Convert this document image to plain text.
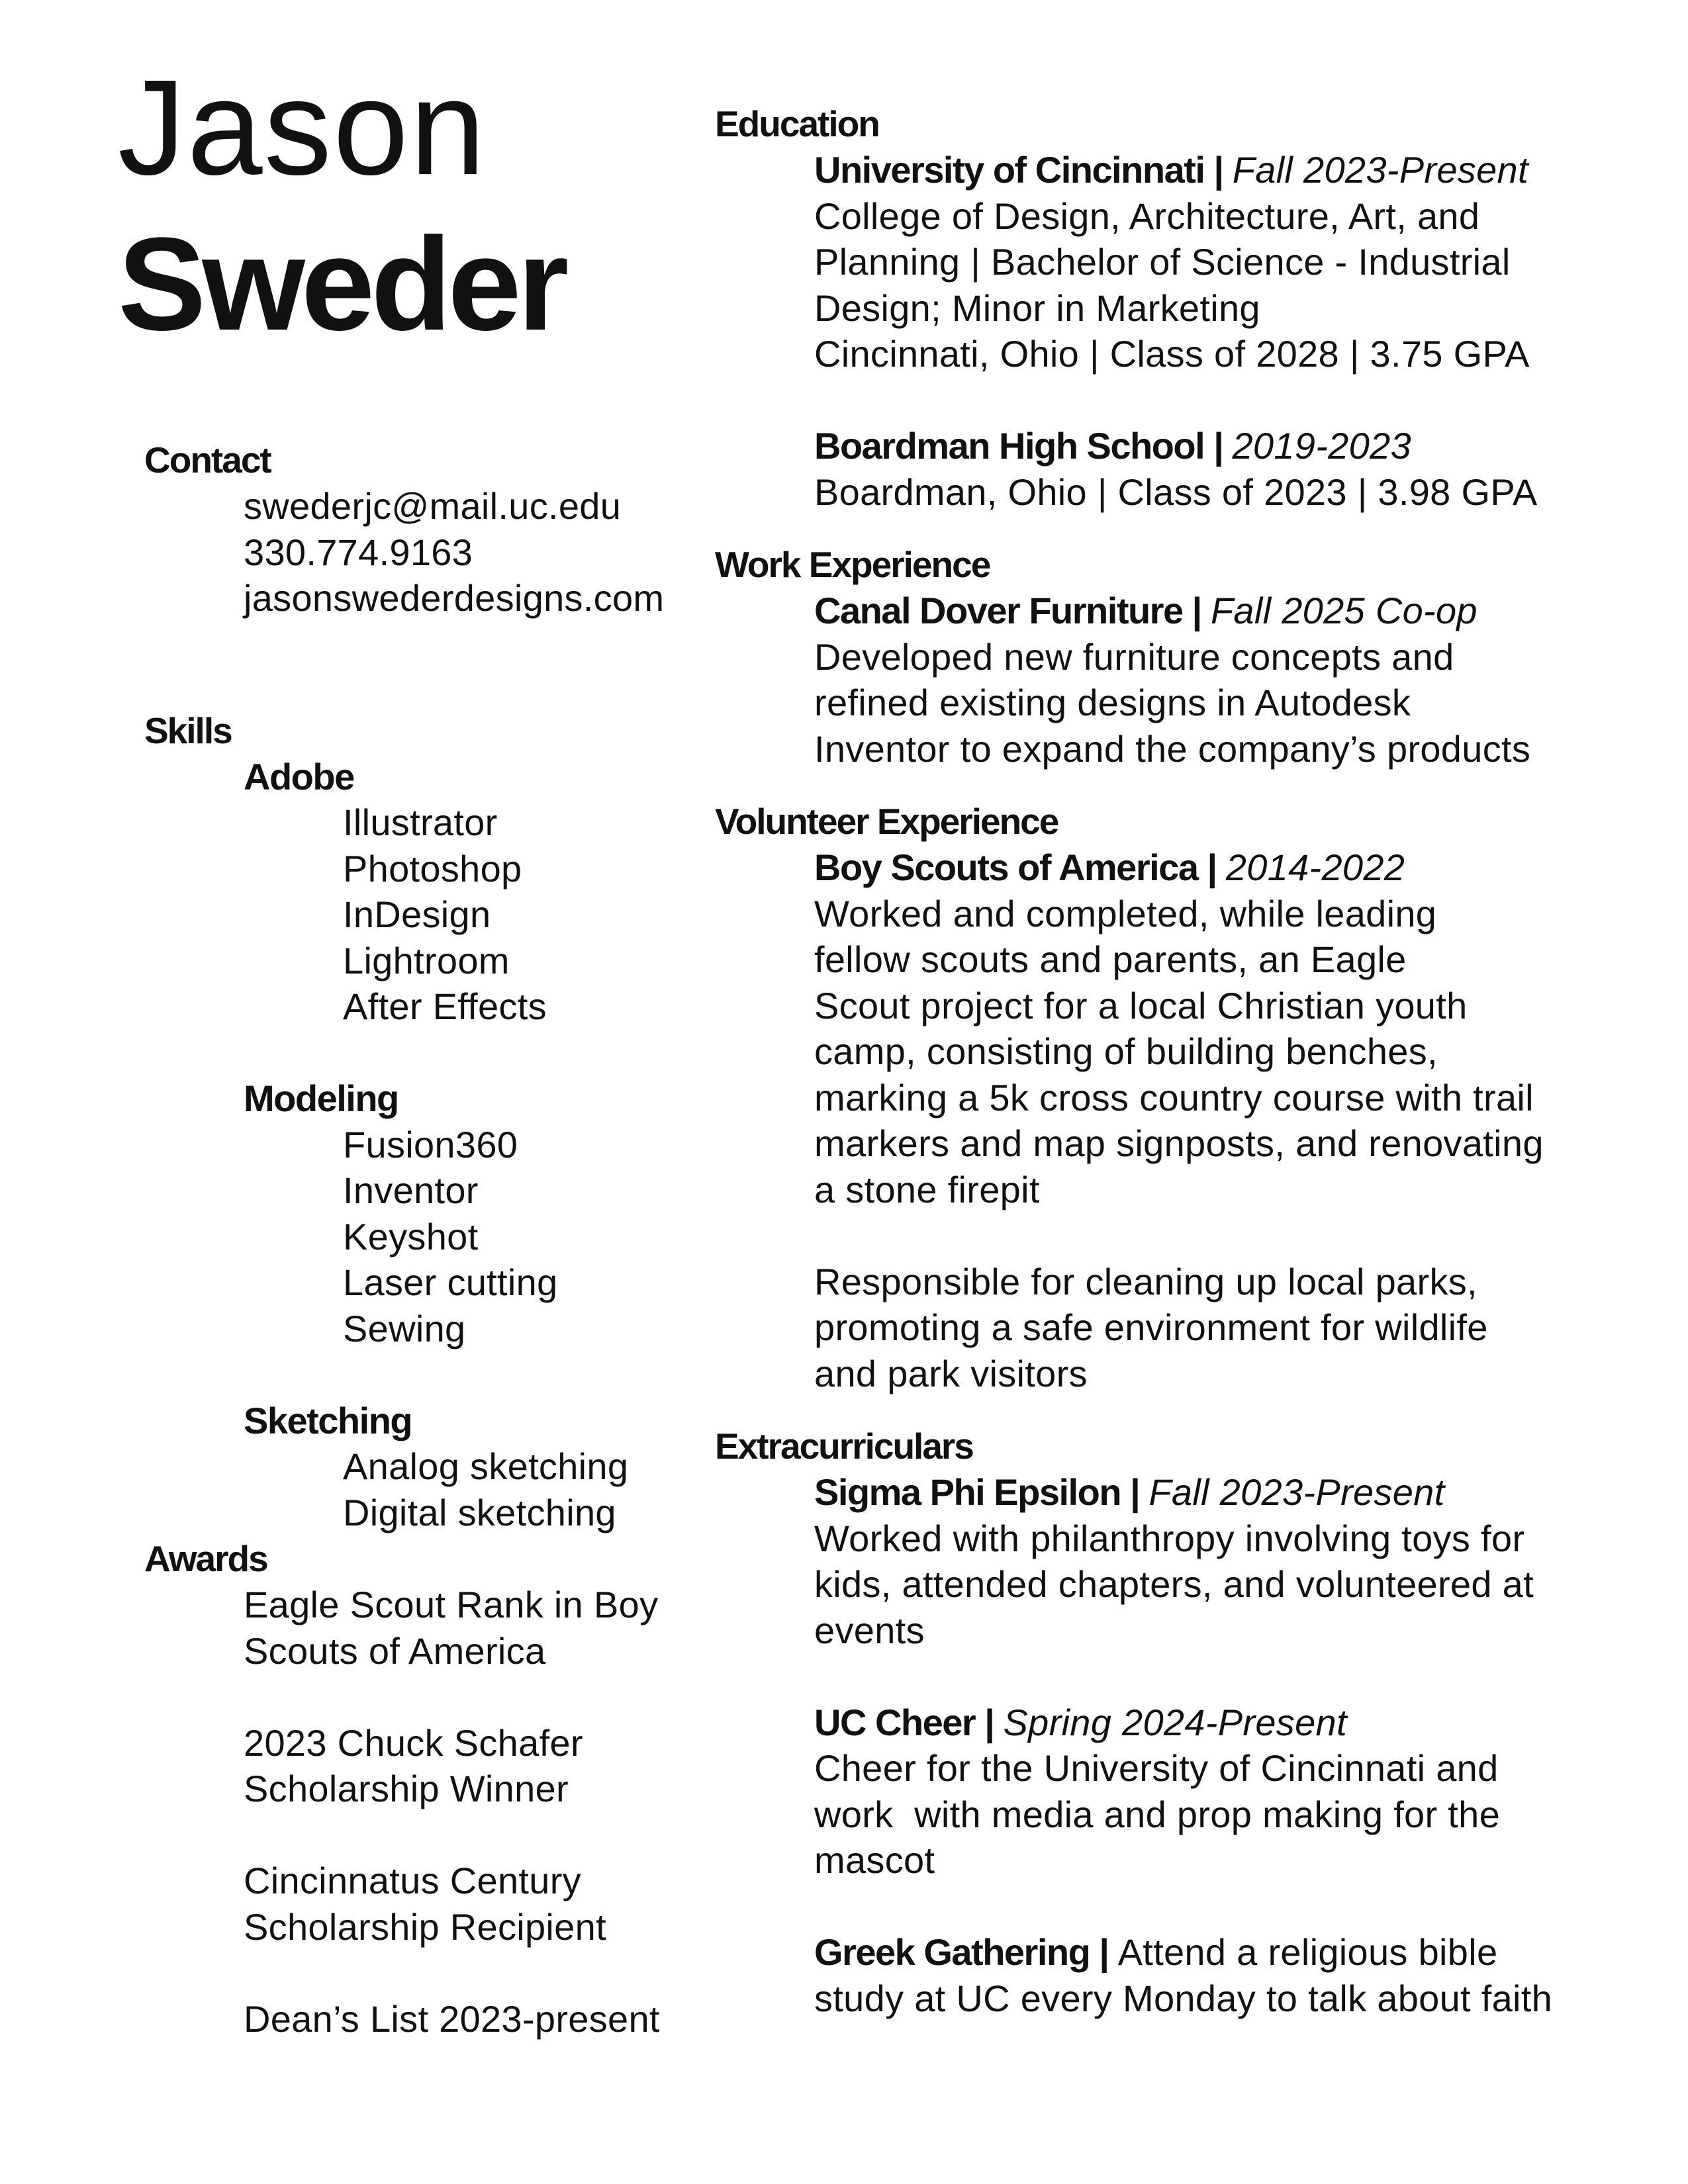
Jason
Sweder
Contact
swederjc@mail.uc.edu
330.774.9163
jasonswederdesigns.com
Skills
Adobe
Illustrator
Photoshop
InDesign
Lightroom
After Effects
Modeling
Fusion360
Inventor
Keyshot
Laser cutting
Sewing
Sketching
Analog sketching
Digital sketching
Awards
Eagle Scout Rank in Boy
Scouts of America
2023 Chuck Schafer
Scholarship Winner
Cincinnatus Century
Scholarship Recipient
Dean’s List 2023-present
Education
University of Cincinnati | Fall 2023-Present
College of Design, Architecture, Art, and
Planning | Bachelor of Science - Industrial
Design; Minor in Marketing
Cincinnati, Ohio | Class of 2028 | 3.75 GPA
Boardman High School | 2019-2023
Boardman, Ohio | Class of 2023 | 3.98 GPA
Work Experience
Canal Dover Furniture | Fall 2025 Co-op
Developed new furniture concepts and
refined existing designs in Autodesk
Inventor to expand the company’s products
Volunteer Experience
Boy Scouts of America | 2014-2022
Worked and completed, while leading
fellow scouts and parents, an Eagle
Scout project for a local Christian youth
camp, consisting of building benches,
marking a 5k cross country course with trail
markers and map signposts, and renovating
a stone firepit
Responsible for cleaning up local parks,
promoting a safe environment for wildlife
and park visitors
Extracurriculars
Sigma Phi Epsilon | Fall 2023-Present
Worked with philanthropy involving toys for
kids, attended chapters, and volunteered at
events
UC Cheer | Spring 2024-Present
Cheer for the University of Cincinnati and
work  with media and prop making for the
mascot
Greek Gathering | Attend a religious bible
study at UC every Monday to talk about faith
